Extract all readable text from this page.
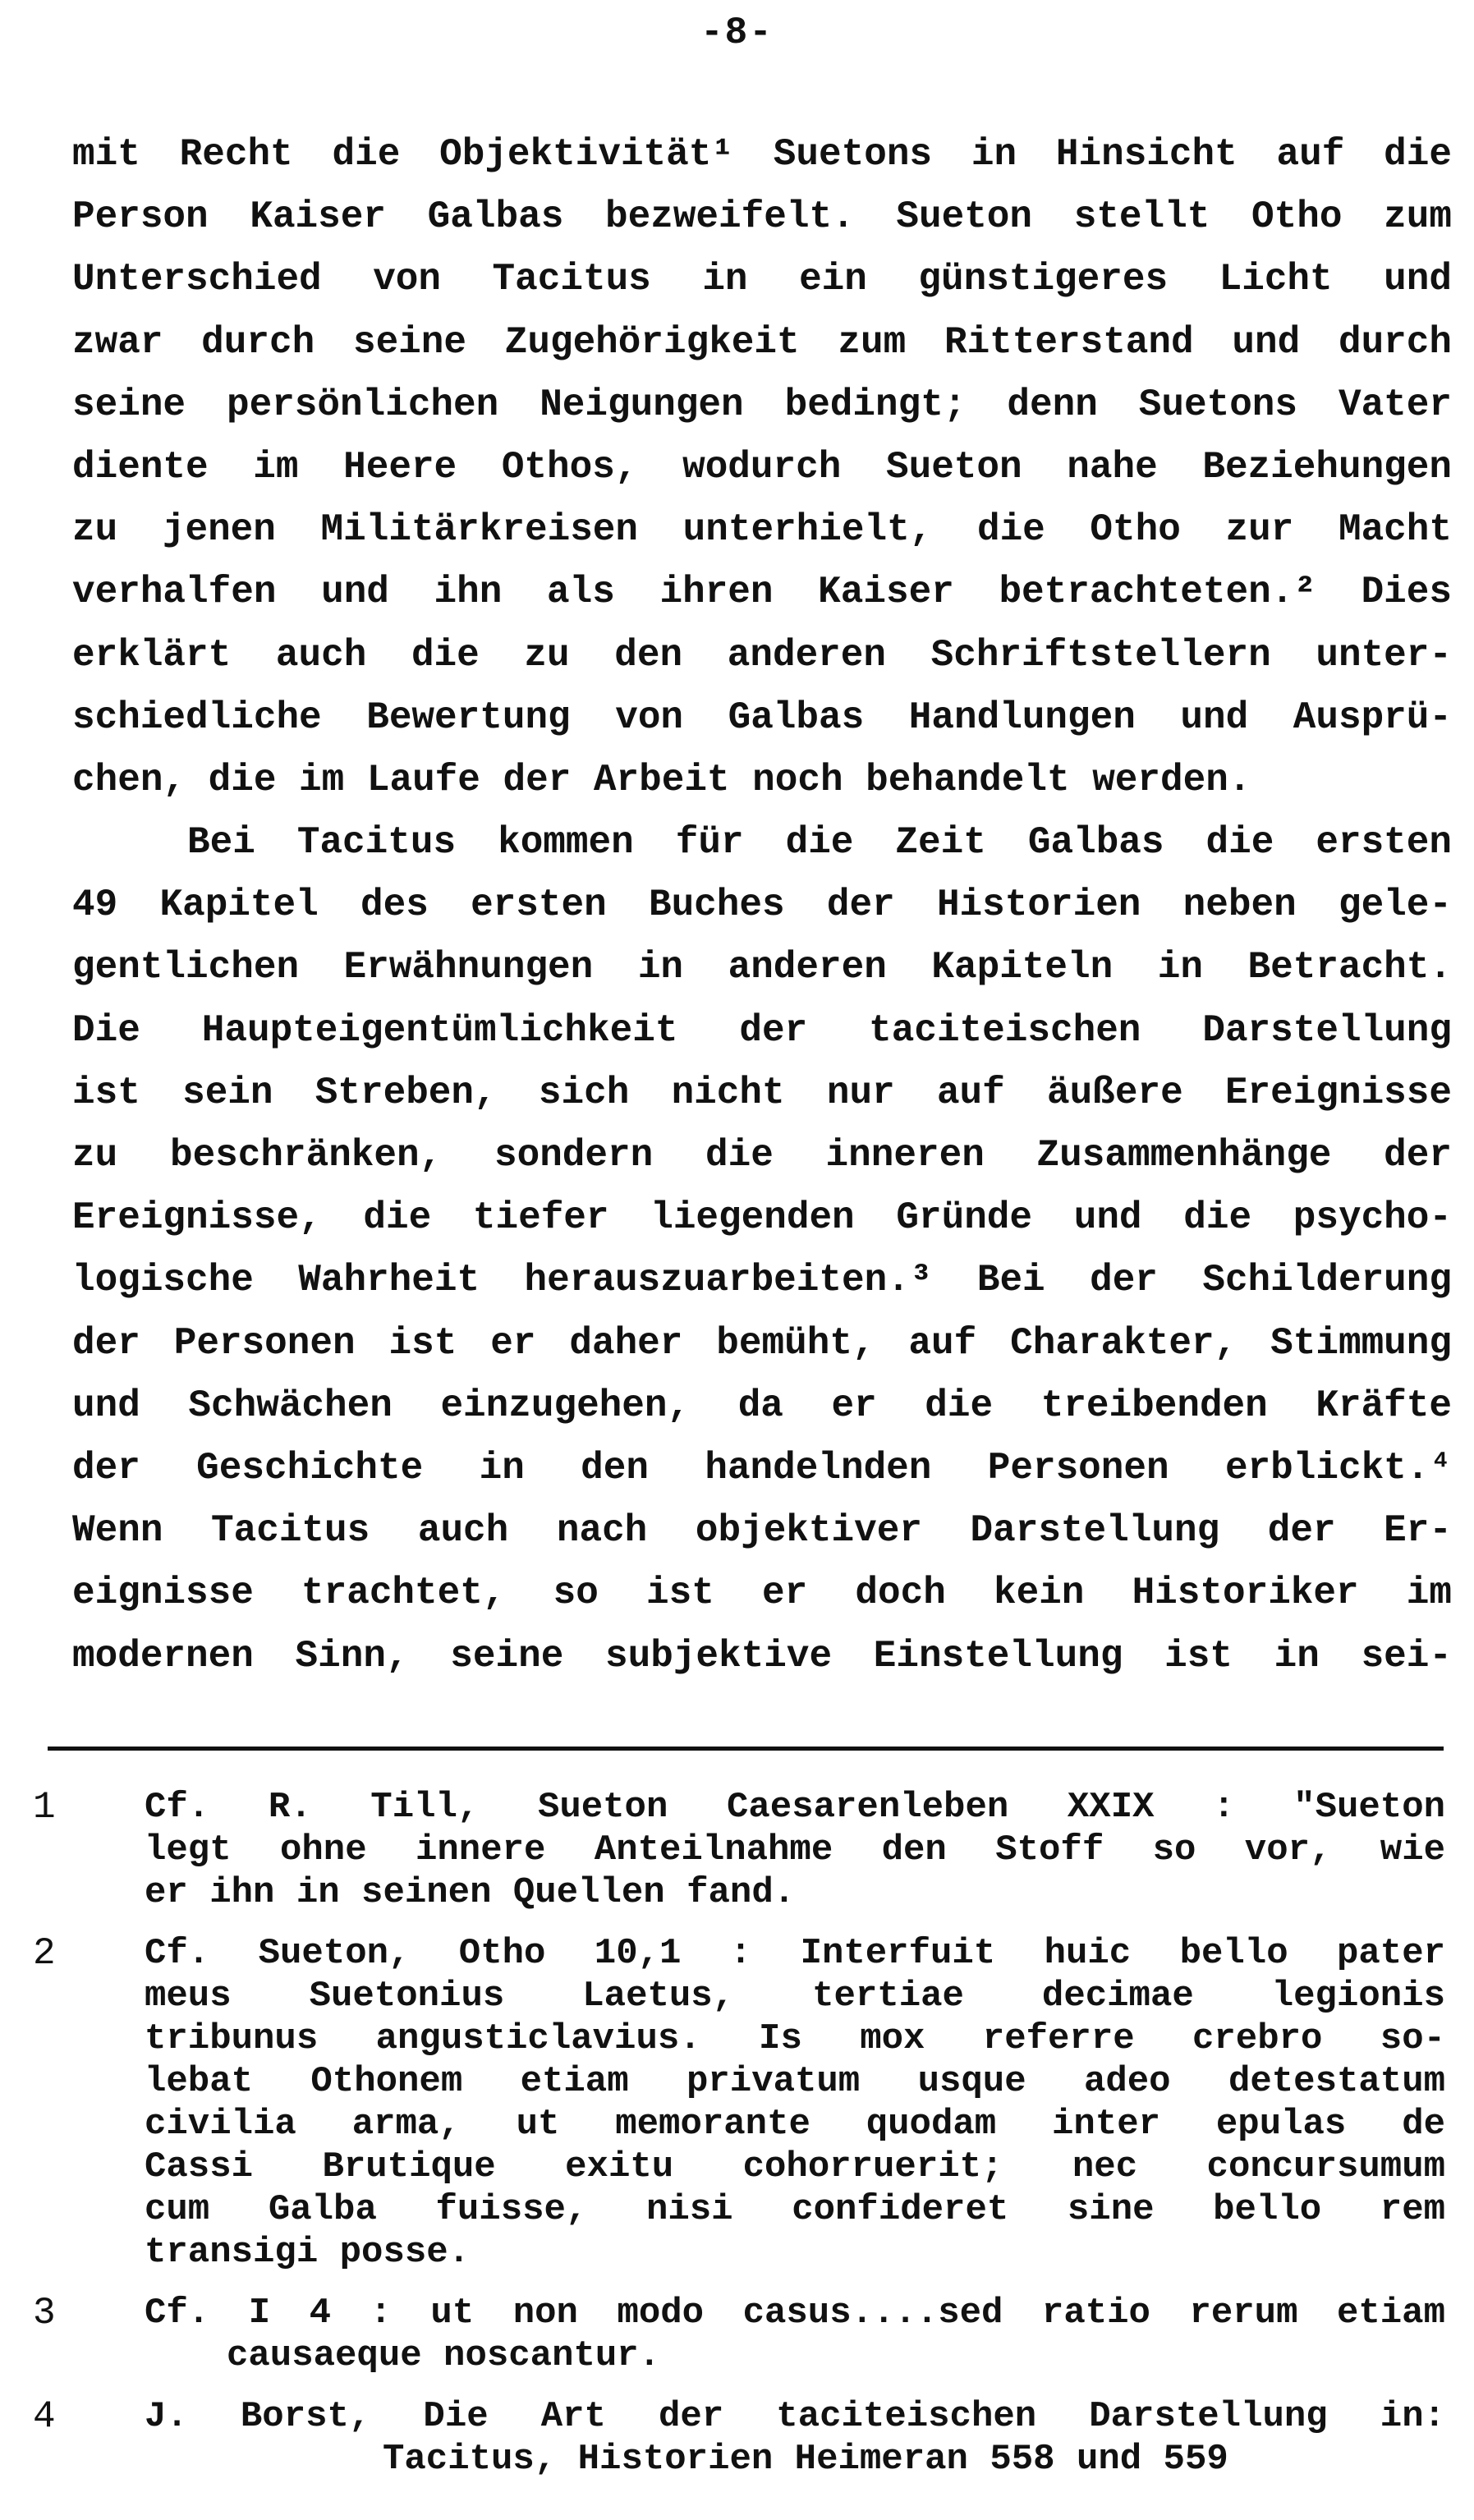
-8-
mit Recht die Objektivität¹ Suetons in Hinsicht auf die
Person Kaiser Galbas bezweifelt. Sueton stellt Otho zum
Unterschied von Tacitus in ein günstigeres Licht und
zwar durch seine Zugehörigkeit zum Ritterstand und durch
seine persönlichen Neigungen bedingt; denn Suetons Vater
diente im Heere Othos, wodurch Sueton nahe Beziehungen
zu jenen Militärkreisen unterhielt, die Otho zur Macht
verhalfen und ihn als ihren Kaiser betrachteten.² Dies
erklärt auch die zu den anderen Schriftstellern unter-
schiedliche Bewertung von Galbas Handlungen und Ausprü-
chen, die im Laufe der Arbeit noch behandelt werden.
Bei Tacitus kommen für die Zeit Galbas die ersten
49 Kapitel des ersten Buches der Historien neben gele-
gentlichen Erwähnungen in anderen Kapiteln in Betracht.
Die Haupteigentümlichkeit der taciteischen Darstellung
ist sein Streben, sich nicht nur auf äußere Ereignisse
zu beschränken, sondern die inneren Zusammenhänge der
Ereignisse, die tiefer liegenden Gründe und die psycho-
logische Wahrheit herauszuarbeiten.³ Bei der Schilderung
der Personen ist er daher bemüht, auf Charakter, Stimmung
und Schwächen einzugehen, da er die treibenden Kräfte
der Geschichte in den handelnden Personen erblickt.⁴
Wenn Tacitus auch nach objektiver Darstellung der Er-
eignisse trachtet, so ist er doch kein Historiker im
modernen Sinn, seine subjektive Einstellung ist in sei-
1 Cf. R. Till, Sueton Caesarenleben XXIX : "Sueton
legt ohne innere Anteilnahme den Stoff so vor, wie
er ihn in seinen Quellen fand.
2 Cf. Sueton, Otho 10,1 : Interfuit huic bello pater
meus Suetonius Laetus, tertiae decimae legionis
tribunus angusticlavius. Is mox referre crebro so-
lebat Othonem etiam privatum usque adeo detestatum
civilia arma, ut memorante quodam inter epulas de
Cassi Brutique exitu cohorruerit; nec concursumum
cum Galba fuisse, nisi confideret sine bello rem
transigi posse.
3 Cf. I 4 : ut non modo casus....sed ratio rerum etiam
causaeque noscantur.
4 J. Borst, Die Art der taciteischen Darstellung in:
Tacitus, Historien Heimeran 558 und 559
